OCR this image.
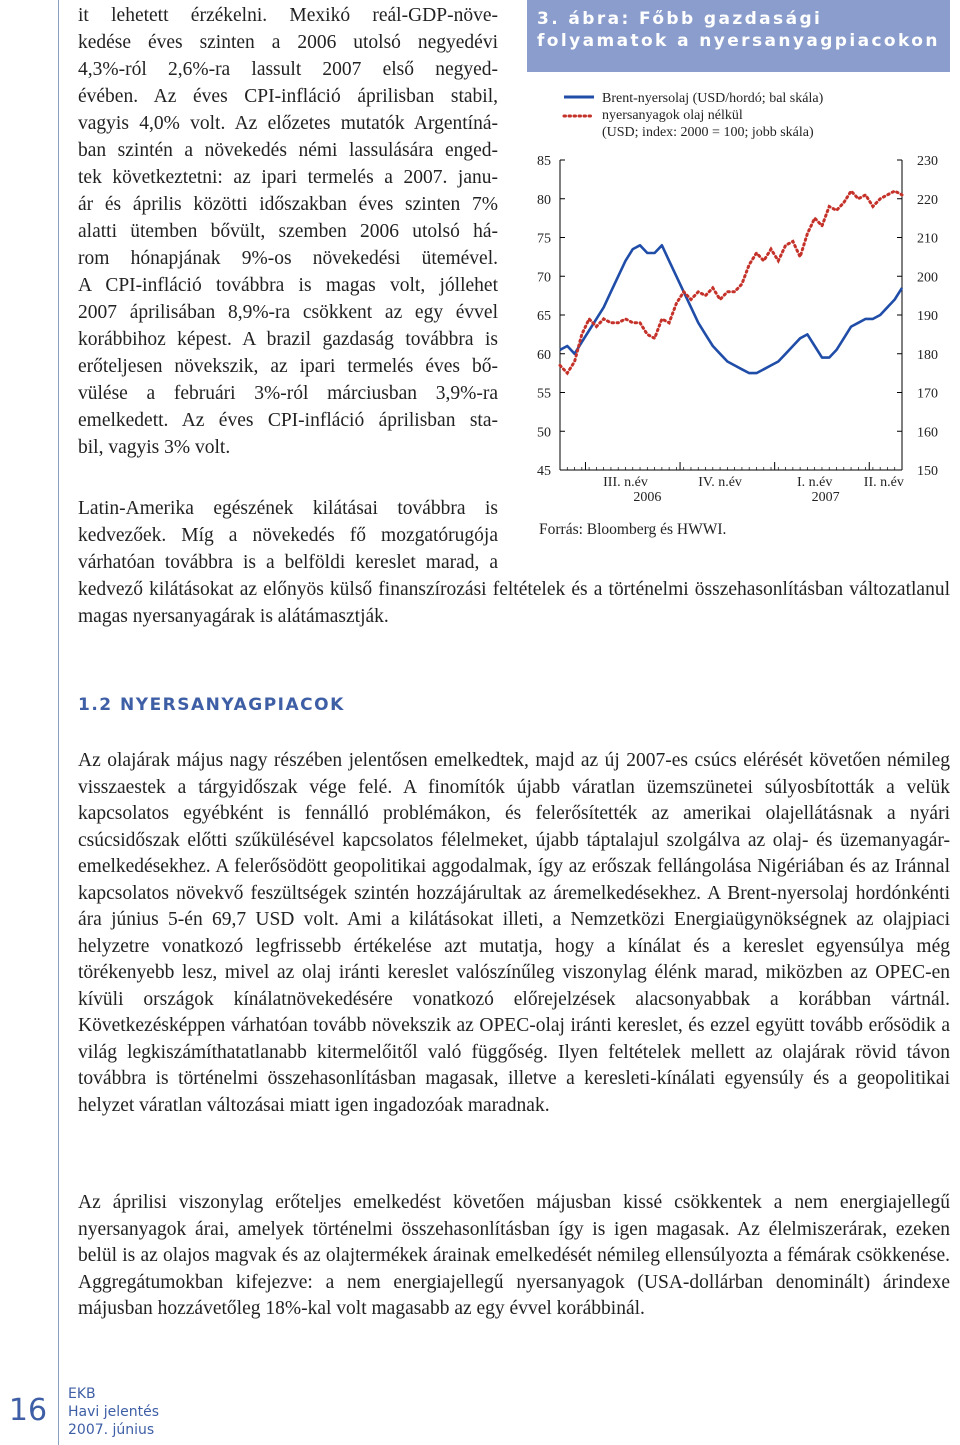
it lehetett érzékelni. Mexikó reál-GDP-növe-

kedése éves szinten a 2006 utolsó negyedévi

4,3%-ról 2,6%-ra lassult 2007 első negyed-

évében. Az éves CPI-infláció áprilisban stabil,

vagyis 4,0% volt. Az előzetes mutatók Argentíná-

ban szintén a növekedés némi lassulására enged-

tek következtetni: az ipari termelés a 2007. janu-

ár és április közötti időszakban éves szinten 7%

alatti ütemben bővült, szemben 2006 utolsó há-

rom hónapjának 9%-os növekedési ütemével.

A CPI-infláció továbbra is magas volt, jóllehet

2007 áprilisában 8,9%-ra csökkent az egy évvel

korábbihoz képest. A brazil gazdaság továbbra is

erőteljesen növekszik, az ipari termelés éves bő-

vülése a februári 3%-ról márciusban 3,9%-ra

emelkedett. Az éves CPI-infláció áprilisban sta-

bil, vagyis 3% volt.

Latin-Amerika egészének kilátásai továbbra is

kedvezőek. Míg a növekedés fő mozgatórugója

várhatóan továbbra is a belföldi kereslet marad, a

kedvező kilátásokat az előnyös külső finanszírozási feltételek és a történelmi összehasonlításban változatlanul magas nyersanyagárak is alátámasztják.

3. ábra: Főbb gazdasági folyamatok a nyersanyagpiacokon

85
80
75
70
65
60
55
50
45
230
220
210
200
190
180
170
160
150
III. n.év	IV. n.év	I. n.év II. n.év
2006	2007
Brent-nyersolaj (USD/hordó; bal skála)
nyersanyagok olaj nélkül
(USD; index: 2000 = 100; jobb skála)

Forrás: Bloomberg és HWWI.

1.2 NYERSANYAGPIACOK

Az olajárak május nagy részében jelentősen emelkedtek, majd az új 2007-es csúcs elérését követően némileg visszaestek a tárgyidőszak vége felé. A finomítók újabb váratlan üzemszünetei súlyosbították a velük kapcsolatos egyébként is fennálló problémákon, és felerősítették az amerikai olajellátásnak a nyári csúcsidőszak előtti szűkülésével kapcsolatos félelmeket, újabb táptalajul szolgálva az olaj- és üzemanyagár-emelkedésekhez. A felerősödött geopolitikai aggodalmak, így az erőszak fellángolása Nigériában és az Iránnal kapcsolatos növekvő feszültségek szintén hozzájárultak az áremelkedésekhez. A Brent-nyersolaj hordónkénti ára június 5-én 69,7 USD volt. Ami a kilátásokat illeti, a Nemzetközi Energiaügynökségnek az olajpiaci helyzetre vonatkozó legfrissebb értékelése azt mutatja, hogy a kínálat és a kereslet egyensúlya még törékenyebb lesz, mivel az olaj iránti kereslet valószínűleg viszonylag élénk marad, miközben az OPEC-en kívüli országok kínálatnövekedésére vonatkozó előrejelzések alacsonyabbak a korábban vártnál. Következésképpen várhatóan tovább növekszik az OPEC-olaj iránti kereslet, és ezzel együtt tovább erősödik a világ legkiszámíthatatlanabb kitermelőitől való függőség. Ilyen feltételek mellett az olajárak rövid távon továbbra is történelmi összehasonlításban magasak, illetve a keresleti-kínálati egyensúly és a geopolitikai helyzet váratlan változásai miatt igen ingadozóak maradnak.

Az áprilisi viszonylag erőteljes emelkedést követően májusban kissé csökkentek a nem energiajellegű nyersanyagok árai, amelyek történelmi összehasonlításban így is igen magasak. Az élelmiszerárak, ezeken belül is az olajos magvak és az olajtermékek árainak emelkedését némileg ellensúlyozta a fémárak csökkenése. Aggregátumokban kifejezve: a nem energiajellegű nyersanyagok (USA-dollárban denominált) árindexe májusban hozzávetőleg 18%-kal volt magasabb az egy évvel korábbinál.

16	EKB
Havi jelentés
2007. június
